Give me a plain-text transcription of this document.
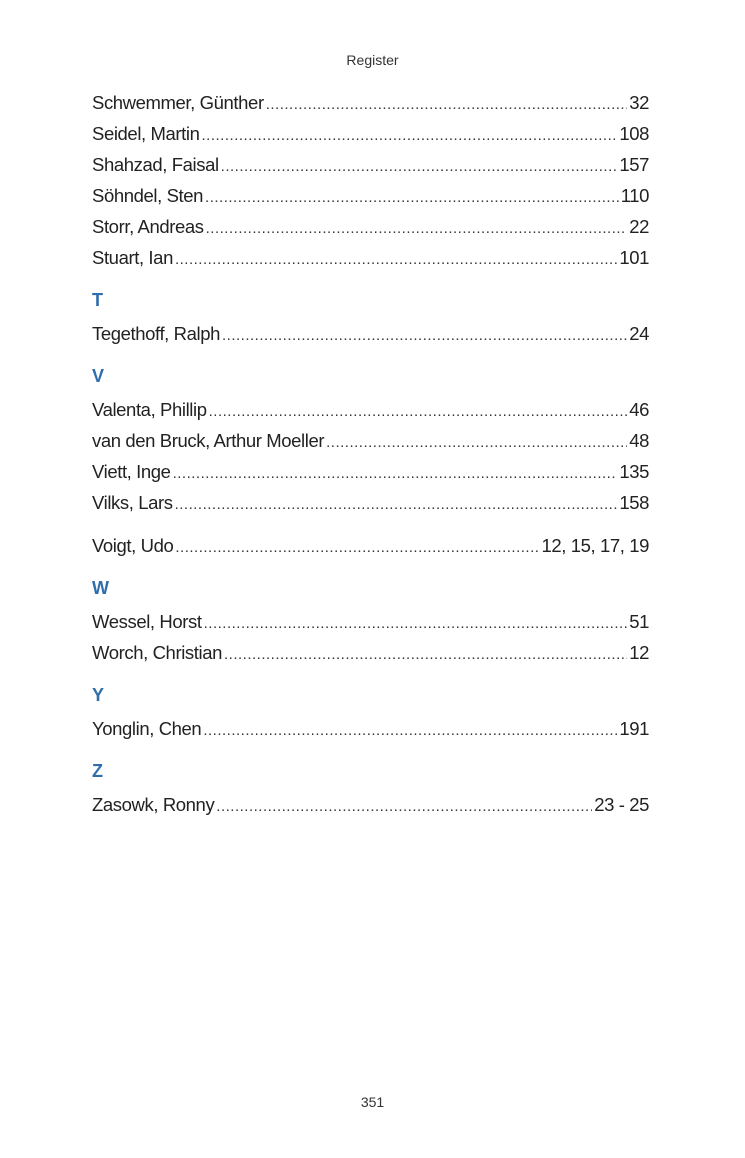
Register
Schwemmer, Günther .....	32
Seidel, Martin .....	108
Shahzad, Faisal .....	157
Söhndel, Sten .....	110
Storr, Andreas .....	22
Stuart, Ian .....	101
T
Tegethoff, Ralph .....	24
V
Valenta, Phillip .....	46
van den Bruck, Arthur Moeller .....	48
Viett, Inge .....	135
Vilks, Lars .....	158
Voigt, Udo .....	12, 15, 17, 19
W
Wessel, Horst .....	51
Worch, Christian .....	12
Y
Yonglin, Chen .....	191
Z
Zasowk, Ronny .....	23 - 25
351
